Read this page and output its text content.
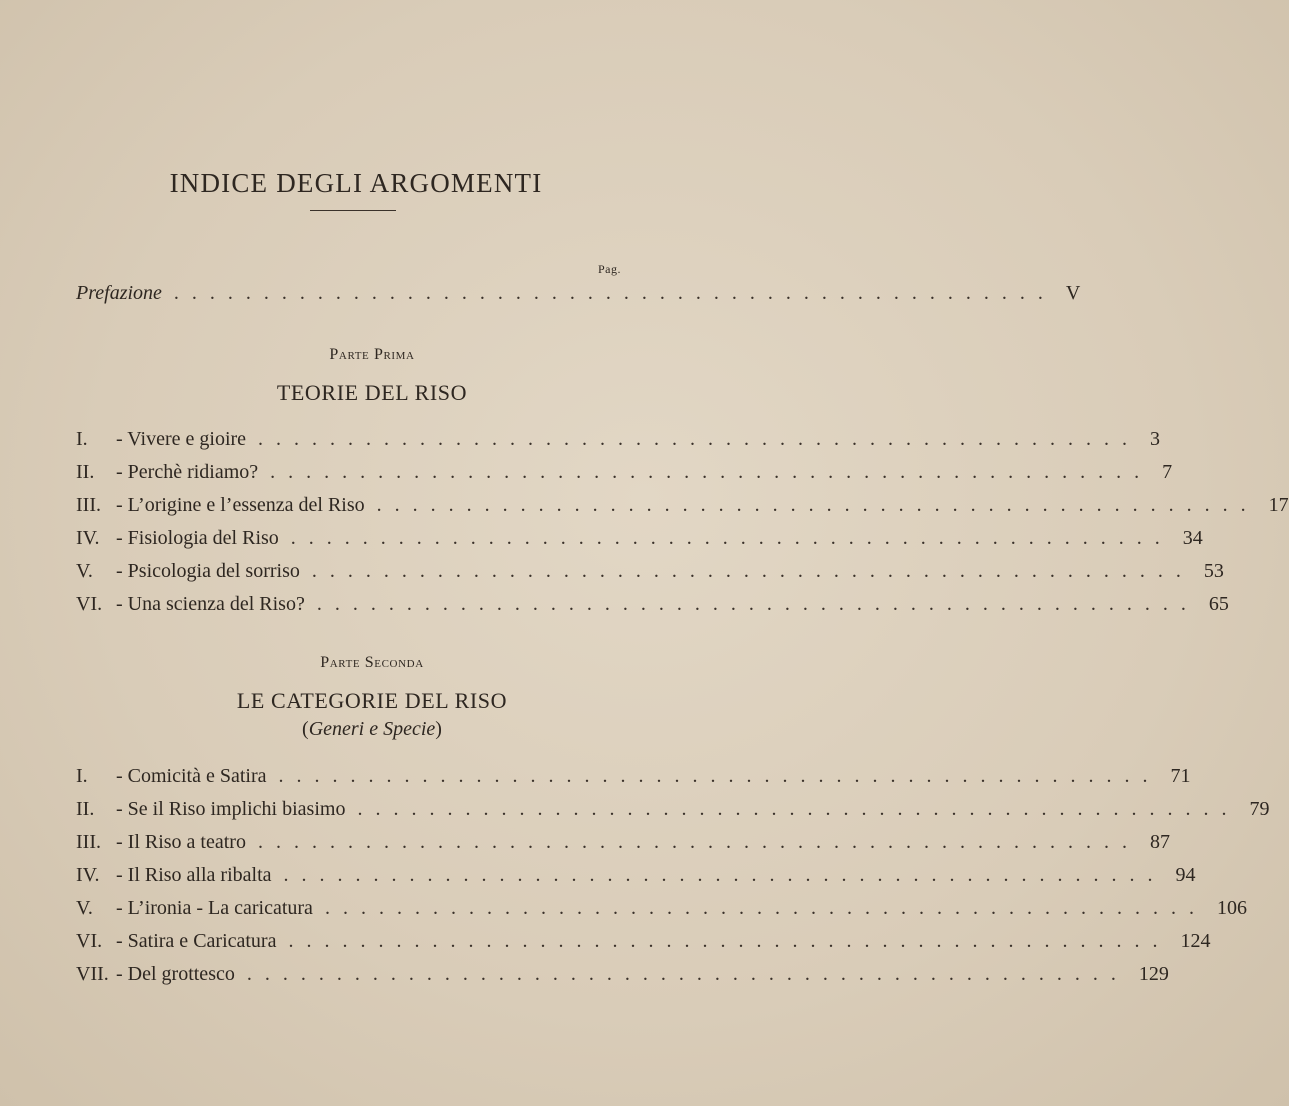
INDICE DEGLI ARGOMENTI
Pag.
Prefazione ................................................. V
Parte Prima
TEORIE DEL RISO
I.	- Vivere e gioire ................................................. 3
II.	- Perchè ridiamo? ................................................. 7
III. - L’origine e l’essenza del Riso ................................................. 17
IV. - Fisiologia del Riso ................................................. 34
V.	- Psicologia del sorriso ................................................. 53
VI. - Una scienza del Riso? ................................................. 65
Parte Seconda
LE CATEGORIE DEL RISO
(Generi e Specie)
I.	- Comicità e Satira ................................................. 71
II.	- Se il Riso implichi biasimo ................................................. 79
III. - Il Riso a teatro ................................................. 87
IV. - Il Riso alla ribalta ................................................. 94
V.	- L’ironia - La caricatura ................................................. 106
VI. - Satira e Caricatura ................................................. 124
VII. - Del grottesco ................................................. 129
